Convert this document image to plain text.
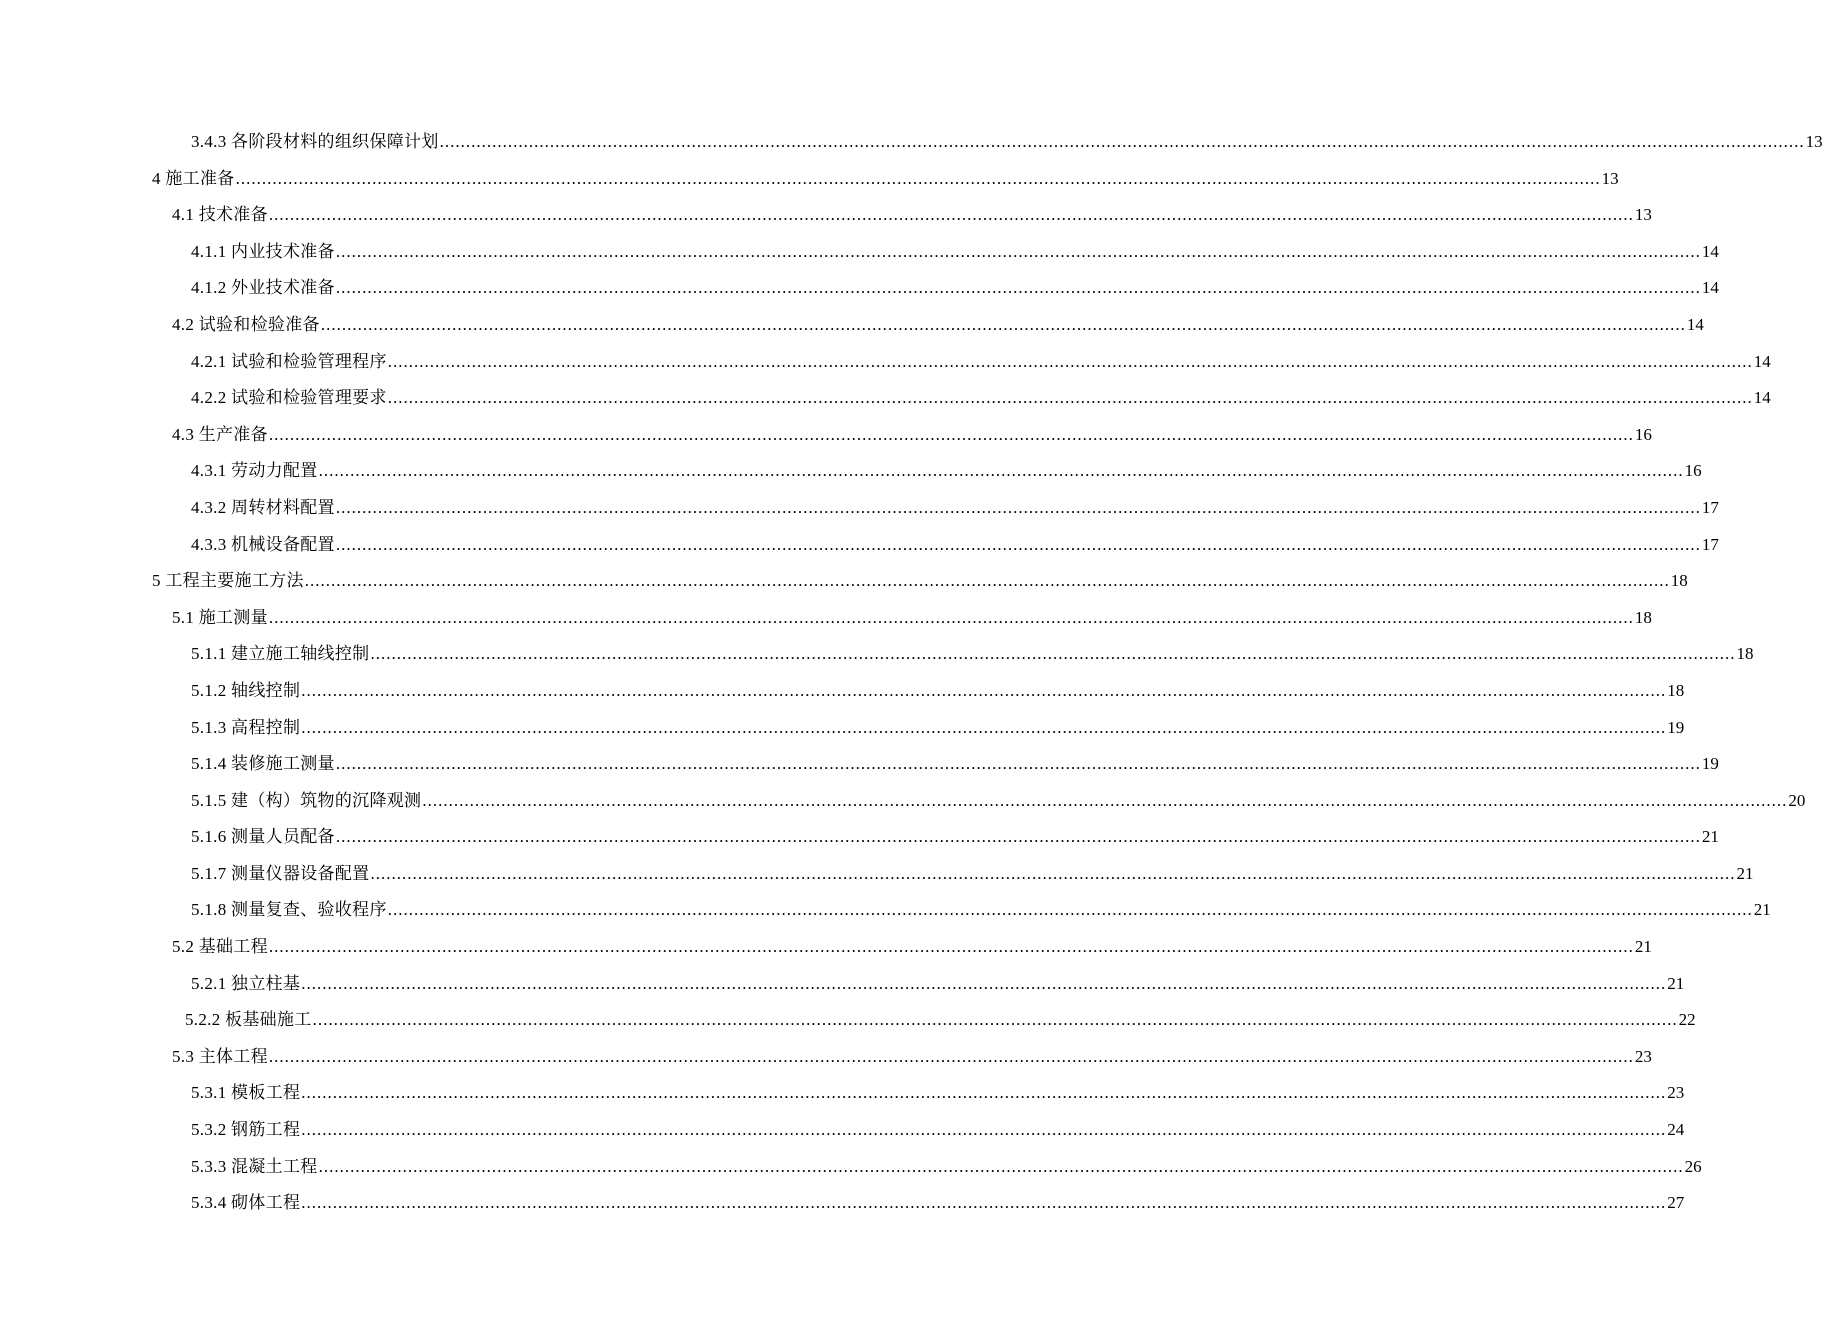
3.4.3 各阶段材料的组织保障计划 .................................................................................................................................................................................................................................................................... 13
4 施工准备 .................................................................................................................................................................................................................................................................... 13
4.1 技术准备 .................................................................................................................................................................................................................................................................... 13
4.1.1 内业技术准备 .................................................................................................................................................................................................................................................................... 14
4.1.2 外业技术准备 .................................................................................................................................................................................................................................................................... 14
4.2 试验和检验准备 .................................................................................................................................................................................................................................................................... 14
4.2.1 试验和检验管理程序 .................................................................................................................................................................................................................................................................... 14
4.2.2 试验和检验管理要求 .................................................................................................................................................................................................................................................................... 14
4.3 生产准备 .................................................................................................................................................................................................................................................................... 16
4.3.1 劳动力配置 .................................................................................................................................................................................................................................................................... 16
4.3.2 周转材料配置 .................................................................................................................................................................................................................................................................... 17
4.3.3 机械设备配置 .................................................................................................................................................................................................................................................................... 17
5 工程主要施工方法 .................................................................................................................................................................................................................................................................... 18
5.1 施工测量 .................................................................................................................................................................................................................................................................... 18
5.1.1 建立施工轴线控制 .................................................................................................................................................................................................................................................................... 18
5.1.2 轴线控制 .................................................................................................................................................................................................................................................................... 18
5.1.3 高程控制 .................................................................................................................................................................................................................................................................... 19
5.1.4 装修施工测量 .................................................................................................................................................................................................................................................................... 19
5.1.5 建（构）筑物的沉降观测 .................................................................................................................................................................................................................................................................... 20
5.1.6 测量人员配备 .................................................................................................................................................................................................................................................................... 21
5.1.7 测量仪器设备配置 .................................................................................................................................................................................................................................................................... 21
5.1.8 测量复查、验收程序 .................................................................................................................................................................................................................................................................... 21
5.2 基础工程 .................................................................................................................................................................................................................................................................... 21
5.2.1 独立柱基 .................................................................................................................................................................................................................................................................... 21
5.2.2 板基础施工 .................................................................................................................................................................................................................................................................... 22
5.3 主体工程 .................................................................................................................................................................................................................................................................... 23
5.3.1 模板工程 .................................................................................................................................................................................................................................................................... 23
5.3.2 钢筋工程 .................................................................................................................................................................................................................................................................... 24
5.3.3 混凝土工程 .................................................................................................................................................................................................................................................................... 26
5.3.4 砌体工程 .................................................................................................................................................................................................................................................................... 27
